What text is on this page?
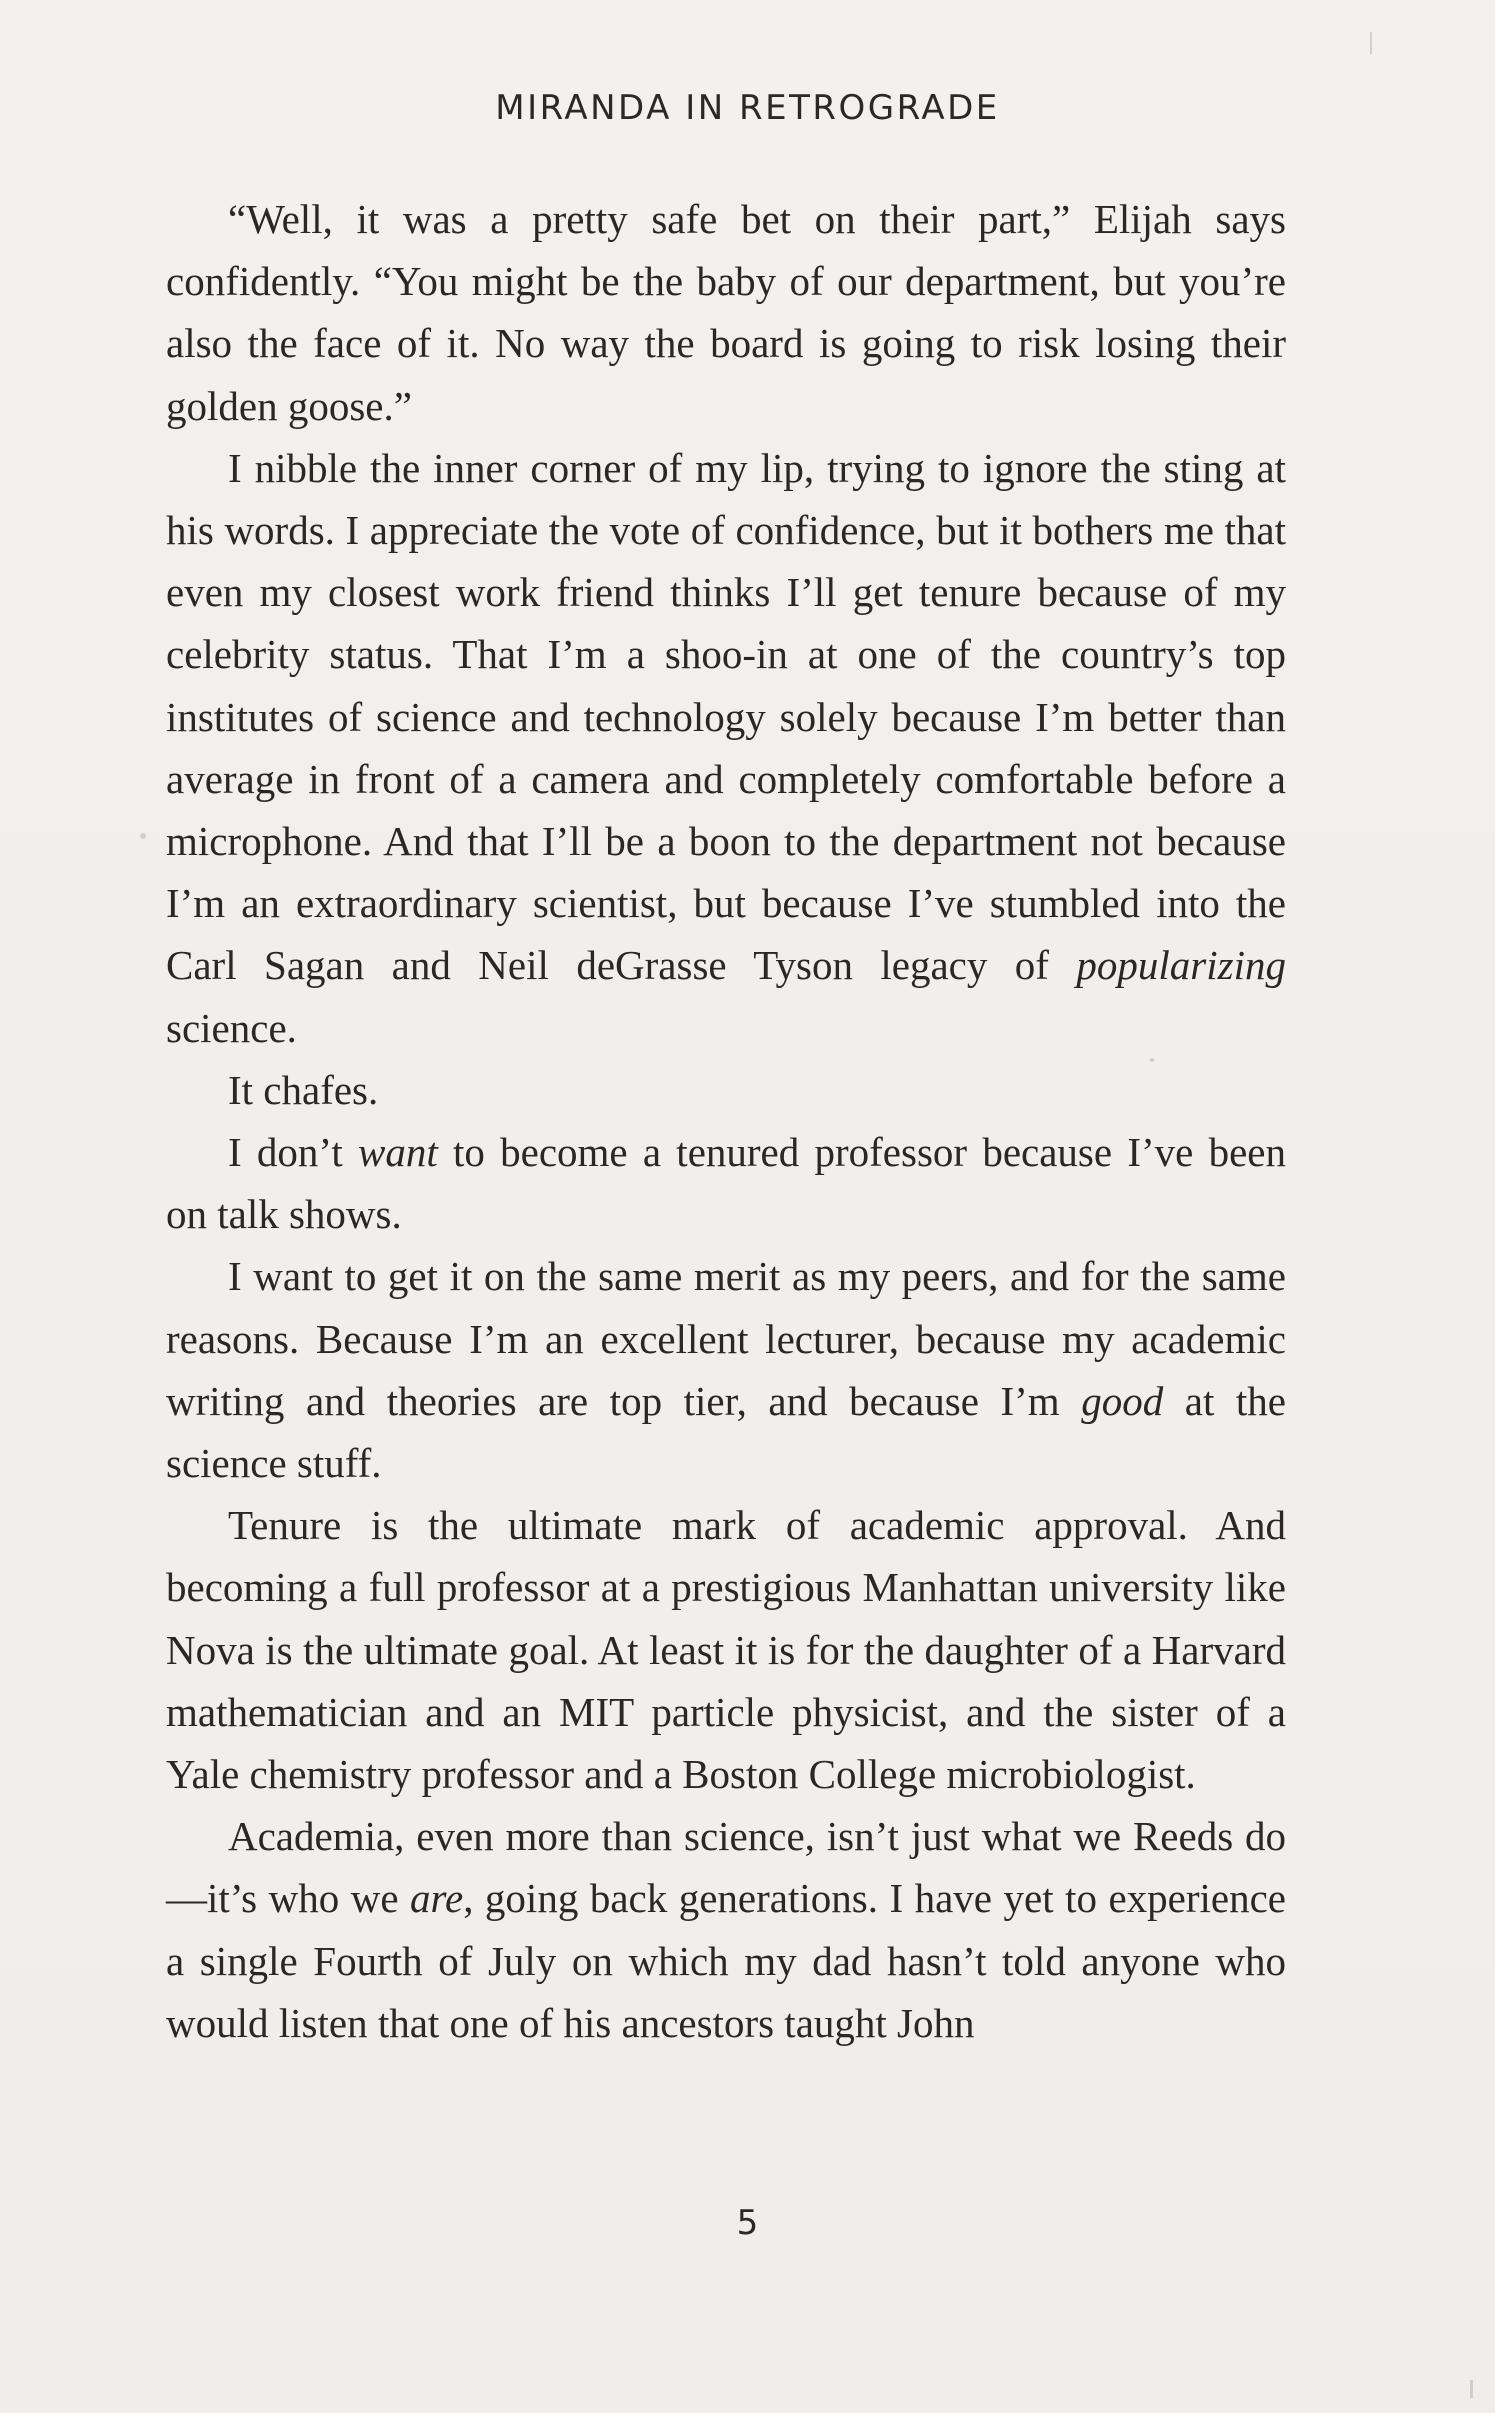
MIRANDA IN RETROGRADE

“Well, it was a pretty safe bet on their part,” Elijah says confidently. “You might be the baby of our department, but you’re also the face of it. No way the board is going to risk losing their golden goose.”

I nibble the inner corner of my lip, trying to ignore the sting at his words. I appreciate the vote of confidence, but it bothers me that even my closest work friend thinks I’ll get tenure because of my celebrity status. That I’m a shoo-in at one of the country’s top institutes of science and technology solely because I’m better than average in front of a camera and completely comfortable before a microphone. And that I’ll be a boon to the department not because I’m an extraordinary scientist, but because I’ve stumbled into the Carl Sagan and Neil deGrasse Tyson legacy of popularizing science.

It chafes.

I don’t want to become a tenured professor because I’ve been on talk shows.

I want to get it on the same merit as my peers, and for the same reasons. Because I’m an excellent lecturer, because my academic writing and theories are top tier, and because I’m good at the science stuff.

Tenure is the ultimate mark of academic approval. And becoming a full professor at a prestigious Manhattan university like Nova is the ultimate goal. At least it is for the daughter of a Harvard mathematician and an MIT particle physicist, and the sister of a Yale chemistry professor and a Boston College microbiologist.

Academia, even more than science, isn’t just what we Reeds do—it’s who we are, going back generations. I have yet to experience a single Fourth of July on which my dad hasn’t told anyone who would listen that one of his ancestors taught John

5
